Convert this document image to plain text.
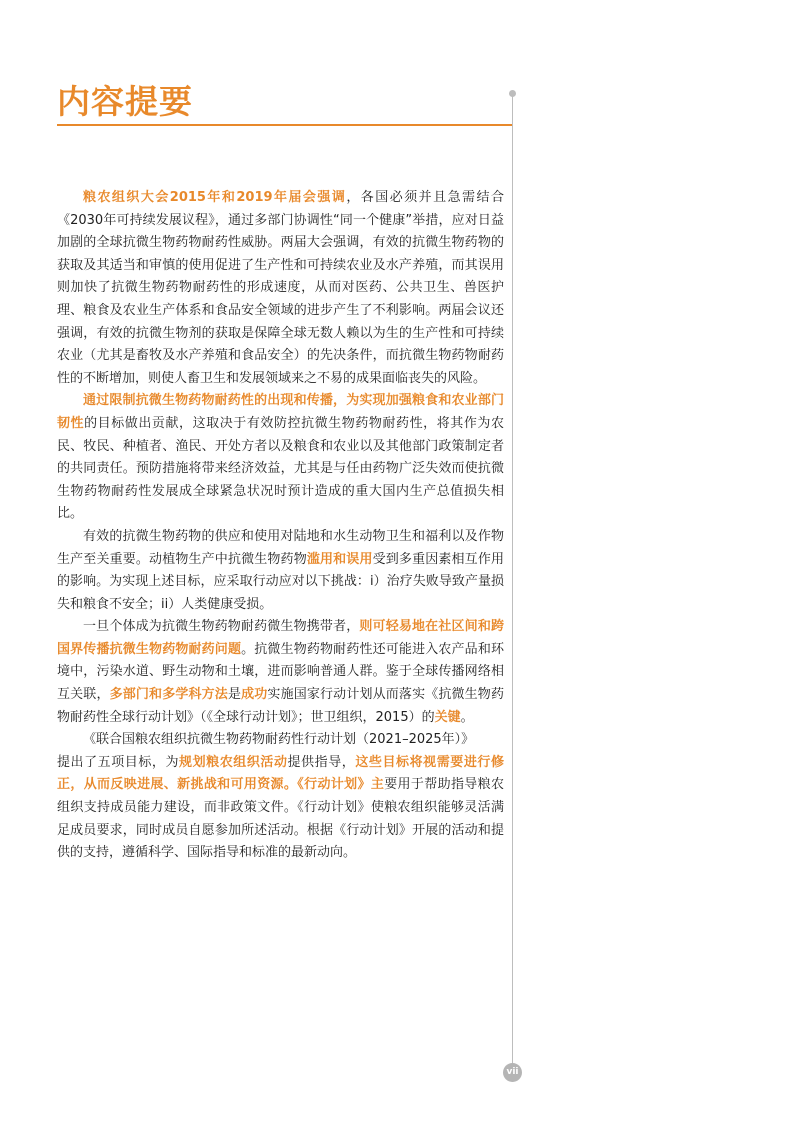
内容提要

粮农组织大会2015年和2019年届会强调，各国必须并且急需结合《2030年可持续发展议程》，通过多部门协调性“同一个健康”举措，应对日益加剧的全球抗微生物药物耐药性威胁。两届大会强调，有效的抗微生物药物的获取及其适当和审慎的使用促进了生产性和可持续农业及水产养殖，而其误用则加快了抗微生物药物耐药性的形成速度，从而对医药、公共卫生、兽医护理、粮食及农业生产体系和食品安全领域的进步产生了不利影响。两届会议还强调，有效的抗微生物剂的获取是保障全球无数人赖以为生的生产性和可持续农业（尤其是畜牧及水产养殖和食品安全）的先决条件，而抗微生物药物耐药性的不断增加，则使人畜卫生和发展领域来之不易的成果面临丧失的风险。

通过限制抗微生物药物耐药性的出现和传播，为实现加强粮食和农业部门韧性的目标做出贡献，这取决于有效防控抗微生物药物耐药性，将其作为农民、牧民、种植者、渔民、开处方者以及粮食和农业以及其他部门政策制定者的共同责任。预防措施将带来经济效益，尤其是与任由药物广泛失效而使抗微生物药物耐药性发展成全球紧急状况时预计造成的重大国内生产总值损失相比。

有效的抗微生物药物的供应和使用对陆地和水生动物卫生和福利以及作物生产至关重要。动植物生产中抗微生物药物滥用和误用受到多重因素相互作用的影响。为实现上述目标，应采取行动应对以下挑战：i）治疗失败导致产量损失和粮食不安全；ii）人类健康受损。

一旦个体成为抗微生物药物耐药微生物携带者，则可轻易地在社区间和跨国界传播抗微生物药物耐药问题。抗微生物药物耐药性还可能进入农产品和环境中，污染水道、野生动物和土壤，进而影响普通人群。鉴于全球传播网络相互关联，多部门和多学科方法是成功实施国家行动计划从而落实《抗微生物药物耐药性全球行动计划》（《全球行动计划》；世卫组织，2015）的关键。

《联合国粮农组织抗微生物药物耐药性行动计划（2021–2025年）》

提出了五项目标，为规划粮农组织活动提供指导，这些目标将视需要进行修正，从而反映进展、新挑战和可用资源。《行动计划》主要用于帮助指导粮农组织支持成员能力建设，而非政策文件。《行动计划》使粮农组织能够灵活满足成员要求，同时成员自愿参加所述活动。根据《行动计划》开展的活动和提供的支持，遵循科学、国际指导和标准的最新动向。

vii
